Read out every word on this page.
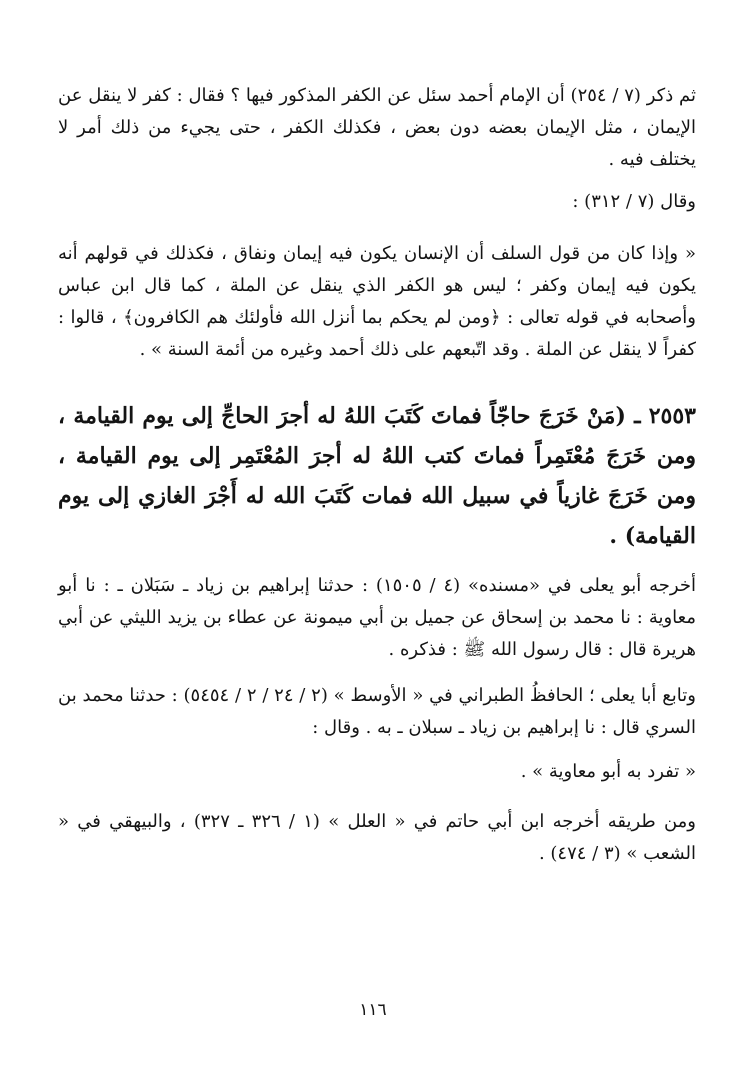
ثم ذكر (٧ / ٢٥٤) أن الإمام أحمد سئل عن الكفر المذكور فيها ؟ فقال : كفر لا ينقل عن الإيمان ، مثل الإيمان بعضه دون بعض ، فكذلك الكفر ، حتى يجيء من ذلك أمر لا يختلف فيه .

وقال (٧ / ٣١٢) :

« وإذا كان من قول السلف أن الإنسان يكون فيه إيمان ونفاق ، فكذلك في قولهم أنه يكون فيه إيمان وكفر ؛ ليس هو الكفر الذي ينقل عن الملة ، كما قال ابن عباس وأصحابه في قوله تعالى : ﴿ومن لم يحكم بما أنزل الله فأولئك هم الكافرون﴾ ، قالوا : كفراً لا ينقل عن الملة . وقد اتّبعهم على ذلك أحمد وغيره من أئمة السنة » .

٢٥٥٣ ـ (مَنْ خَرَجَ حاجّاً فماتَ كَتَبَ اللهُ له أجرَ الحاجِّ إلى يوم القيامة ، ومن خَرَجَ مُعْتَمِراً فماتَ كتب اللهُ له أجرَ المُعْتَمِر إلى يوم القيامة ، ومن خَرَجَ غازياً في سبيل الله فمات كَتَبَ الله له أَجْرَ الغازي إلى يوم القيامة) .

أخرجه أبو يعلى في «مسنده» (٤ / ١٥٠٥) : حدثنا إبراهيم بن زياد ـ سَبَلان ـ : نا أبو معاوية : نا محمد بن إسحاق عن جميل بن أبي ميمونة عن عطاء بن يزيد الليثي عن أبي هريرة قال : قال رسول الله ﷺ : فذكره .

وتابع أبا يعلى ؛ الحافظُ الطبراني في « الأوسط » (٢ / ٢٤ / ٢ / ٥٤٥٤) : حدثنا محمد بن السري قال : نا إبراهيم بن زياد ـ سبلان ـ به . وقال :

« تفرد به أبو معاوية » .

ومن طريقه أخرجه ابن أبي حاتم في « العلل » (١ / ٣٢٦ ـ ٣٢٧) ، والبيهقي في « الشعب » (٣ / ٤٧٤) .

١١٦
